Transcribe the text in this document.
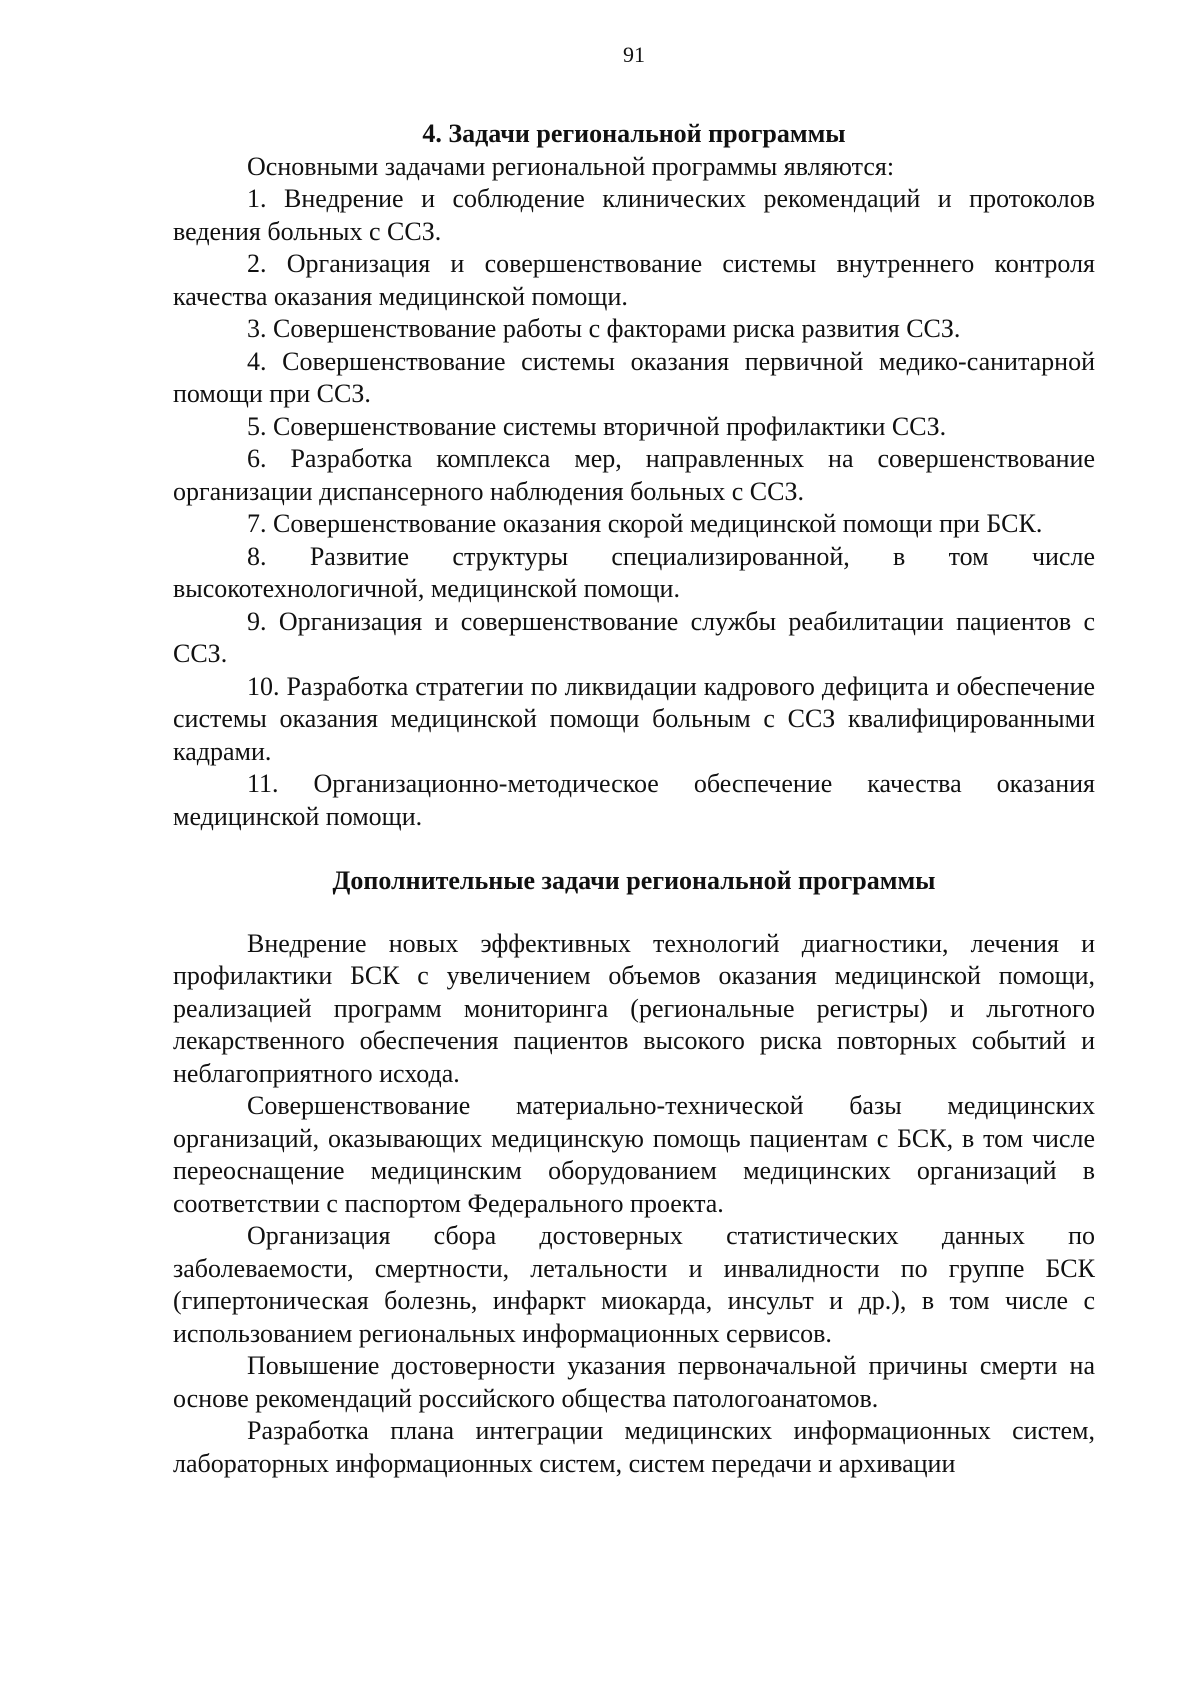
91
4. Задачи региональной программы

Основными задачами региональной программы являются:

1. Внедрение и соблюдение клинических рекомендаций и протоколов ведения больных с ССЗ.

2. Организация и совершенствование системы внутреннего контроля качества оказания медицинской помощи.

3. Совершенствование работы с факторами риска развития ССЗ.

4. Совершенствование системы оказания первичной медико-санитарной помощи при ССЗ.

5. Совершенствование системы вторичной профилактики ССЗ.

6. Разработка комплекса мер, направленных на совершенствование организации диспансерного наблюдения больных с ССЗ.

7. Совершенствование оказания скорой медицинской помощи при БСК.

8. Развитие структуры специализированной, в том числе высокотехнологичной, медицинской помощи.

9. Организация и совершенствование службы реабилитации пациентов с ССЗ.

10. Разработка стратегии по ликвидации кадрового дефицита и обеспечение системы оказания медицинской помощи больным с ССЗ квалифицированными кадрами.

11. Организационно-методическое обеспечение качества оказания медицинской помощи.

Дополнительные задачи региональной программы

Внедрение новых эффективных технологий диагностики, лечения и профилактики БСК с увеличением объемов оказания медицинской помощи, реализацией программ мониторинга (региональные регистры) и льготного лекарственного обеспечения пациентов высокого риска повторных событий и неблагоприятного исхода.

Совершенствование материально-технической базы медицинских организаций, оказывающих медицинскую помощь пациентам с БСК, в том числе переоснащение медицинским оборудованием медицинских организаций в соответствии с паспортом Федерального проекта.

Организация сбора достоверных статистических данных по заболеваемости, смертности, летальности и инвалидности по группе БСК (гипертоническая болезнь, инфаркт миокарда, инсульт и др.), в том числе с использованием региональных информационных сервисов.

Повышение достоверности указания первоначальной причины смерти на основе рекомендаций российского общества патологоанатомов.

Разработка плана интеграции медицинских информационных систем, лабораторных информационных систем, систем передачи и архивации
